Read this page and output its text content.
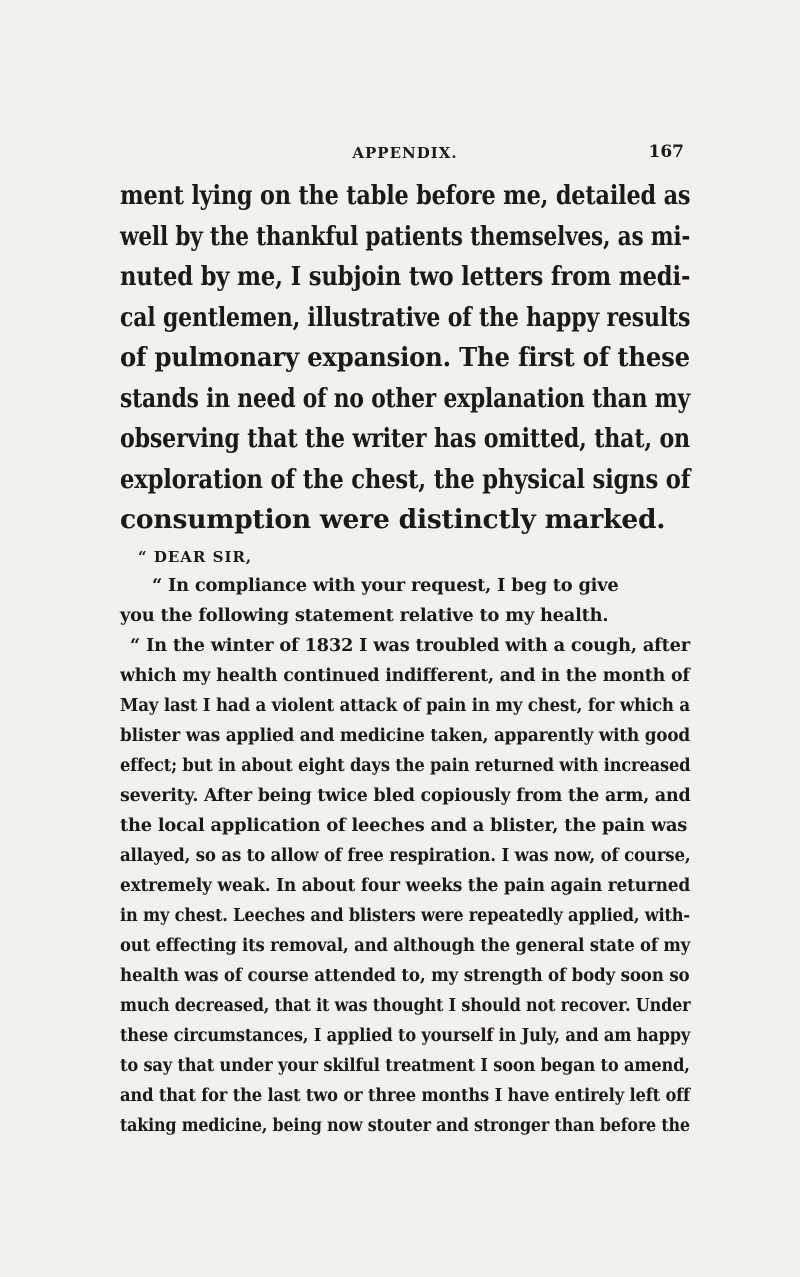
APPENDIX.	167

ment lying on the table before me, detailed as

well by the thankful patients themselves, as mi-

nuted by me, I subjoin two letters from medi-

cal gentlemen, illustrative of the happy results

of pulmonary expansion. The first of these

stands in need of no other explanation than my

observing that the writer has omitted, that, on

exploration of the chest, the physical signs of

consumption were distinctly marked.

“ DEAR SIR,

“ In compliance with your request, I beg to give

you the following statement relative to my health.

“ In the winter of 1832 I was troubled with a cough, after

which my health continued indifferent, and in the month of

May last I had a violent attack of pain in my chest, for which a

blister was applied and medicine taken, apparently with good

effect; but in about eight days the pain returned with increased

severity. After being twice bled copiously from the arm, and

the local application of leeches and a blister, the pain was

allayed, so as to allow of free respiration. I was now, of course,

extremely weak. In about four weeks the pain again returned

in my chest. Leeches and blisters were repeatedly applied, with-

out effecting its removal, and although the general state of my

health was of course attended to, my strength of body soon so

much decreased, that it was thought I should not recover. Under

these circumstances, I applied to yourself in July, and am happy

to say that under your skilful treatment I soon began to amend,

and that for the last two or three months I have entirely left off

taking medicine, being now stouter and stronger than before the
